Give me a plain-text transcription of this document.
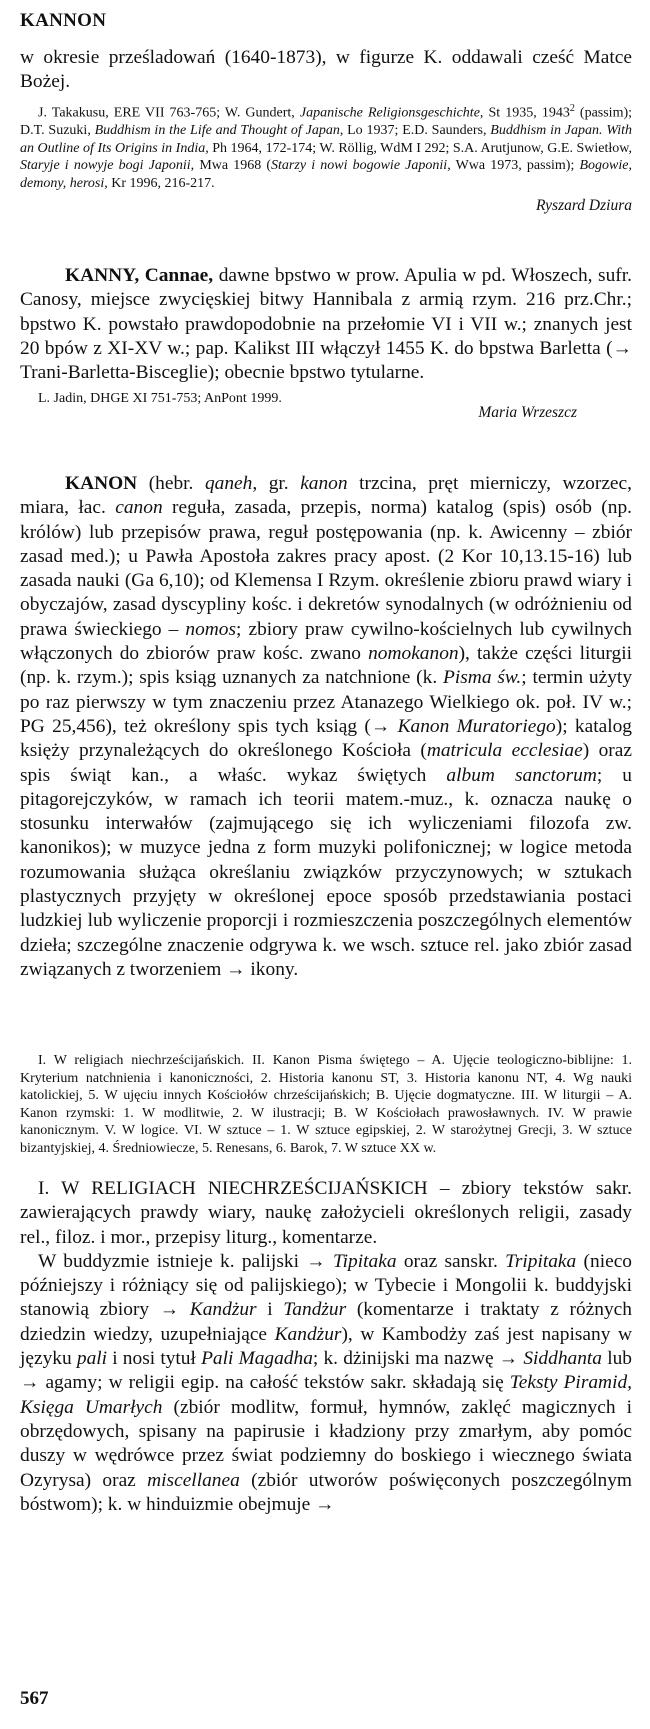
KANNON

w okresie prześladowań (1640-1873), w figurze K. oddawali cześć Matce Bożej.

J. Takakusu, ERE VII 763-765; W. Gundert, Japanische Religionsgeschichte, St 1935, 1943$^2$ (passim); D.T. Suzuki, Buddhism in the Life and Thought of Japan, Lo 1937; E.D. Saunders, Buddhism in Japan. With an Outline of Its Origins in India, Ph 1964, 172-174; W. Röllig, WdM I 292; S.A. Arutjunow, G.E. Swietłow, Staryje i nowyje bogi Japonii, Mwa 1968 (Starzy i nowi bogowie Japonii, Wwa 1973, passim); Bogowie, demony, herosi, Kr 1996, 216-217.

Ryszard Dziura

KANNY, Cannae, dawne bpstwo w prow. Apulia w pd. Włoszech, sufr. Canosy, miejsce zwycięskiej bitwy Hannibala z armią rzym. 216 prz.Chr.; bpstwo K. powstało prawdopodobnie na przełomie VI i VII w.; znanych jest 20 bpów z XI-XV w.; pap. Kalikst III włączył 1455 K. do bpstwa Barletta (→ Trani-Barletta-Bisceglie); obecnie bpstwo tytularne.

L. Jadin, DHGE XI 751-753; AnPont 1999.

Maria Wrzeszcz

KANON (hebr. qaneh, gr. kanon trzcina, pręt mierniczy, wzorzec, miara, łac. canon reguła, zasada, przepis, norma) katalog (spis) osób (np. królów) lub przepisów prawa, reguł postępowania (np. k. Awicenny – zbiór zasad med.); u Pawła Apostoła zakres pracy apost. (2 Kor 10,13.15-16) lub zasada nauki (Ga 6,10); od Klemensa I Rzym. określenie zbioru prawd wiary i obyczajów, zasad dyscypliny kośc. i dekretów synodalnych (w odróżnieniu od prawa świeckiego – nomos; zbiory praw cywilno-kościelnych lub cywilnych włączonych do zbiorów praw kośc. zwano nomokanon), także części liturgii (np. k. rzym.); spis ksiąg uznanych za natchnione (k. Pisma św.; termin użyty po raz pierwszy w tym znaczeniu przez Atanazego Wielkiego ok. poł. IV w.; PG 25,456), też określony spis tych ksiąg (→ Kanon Muratoriego); katalog księży przynależących do określonego Kościoła (matricula ecclesiae) oraz spis świąt kan., a właśc. wykaz świętych album sanctorum; u pitagorejczyków, w ramach ich teorii matem.-muz., k. oznacza naukę o stosunku interwałów (zajmującego się ich wyliczeniami filozofa zw. kanonikos); w muzyce jedna z form muzyki polifonicznej; w logice metoda rozumowania służąca określaniu związków przyczynowych; w sztukach plastycznych przyjęty w określonej epoce sposób przedstawiania postaci ludzkiej lub wyliczenie proporcji i rozmieszczenia poszczególnych elementów dzieła; szczególne znaczenie odgrywa k. we wsch. sztuce rel. jako zbiór zasad związanych z tworzeniem → ikony.

I. W religiach niechrześcijańskich. II. Kanon Pisma świętego – A. Ujęcie teologiczno-biblijne: 1. Kryterium natchnienia i kanoniczności, 2. Historia kanonu ST, 3. Historia kanonu NT, 4. Wg nauki katolickiej, 5. W ujęciu innych Kościołów chrześcijańskich; B. Ujęcie dogmatyczne. III. W liturgii – A. Kanon rzymski: 1. W modlitwie, 2. W ilustracji; B. W Kościołach prawosławnych. IV. W prawie kanonicznym. V. W logice. VI. W sztuce – 1. W sztuce egipskiej, 2. W starożytnej Grecji, 3. W sztuce bizantyjskiej, 4. Średniowiecze, 5. Renesans, 6. Barok, 7. W sztuce XX w.

I. W RELIGIACH NIECHRZEŚCIJAŃSKICH – zbiory tekstów sakr. zawierających prawdy wiary, naukę założycieli określonych religii, zasady rel., filoz. i mor., przepisy liturg., komentarze.

W buddyzmie istnieje k. palijski → Tipitaka oraz sanskr. Tripitaka (nieco późniejszy i różniący się od palijskiego); w Tybecie i Mongolii k. buddyjski stanowią zbiory → Kandżur i Tandżur (komentarze i traktaty z różnych dziedzin wiedzy, uzupełniające Kandżur), w Kambodży zaś jest napisany w języku pali i nosi tytuł Pali Magadha; k. dżinijski ma nazwę → Siddhanta lub → agamy; w religii egip. na całość tekstów sakr. składają się Teksty Piramid, Księga Umarłych (zbiór modlitw, formuł, hymnów, zaklęć magicznych i obrzędowych, spisany na papirusie i kładziony przy zmarłym, aby pomóc duszy w wędrówce przez świat podziemny do boskiego i wiecznego świata Ozyrysa) oraz miscellanea (zbiór utworów poświęconych poszczególnym bóstwom); k. w hinduizmie obejmuje →

567
